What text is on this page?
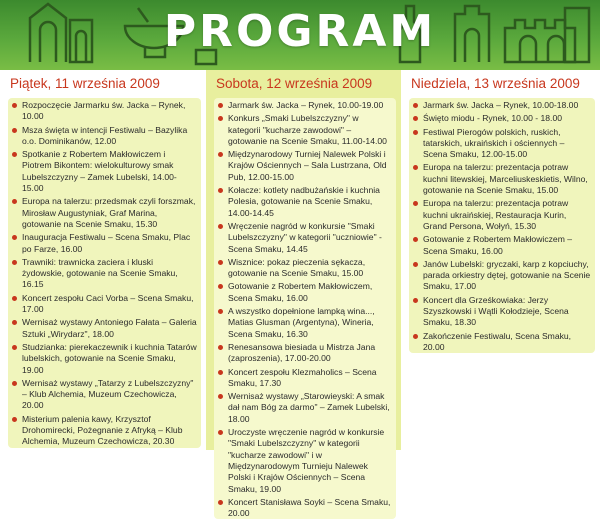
PROGRAM
Piątek, 11 września 2009
Rozpoczęcie Jarmarku św. Jacka – Rynek, 10.00
Msza święta w intencji Festiwalu – Bazylika o.o. Dominikanów, 12.00
Spotkanie z Robertem Makłowiczem i Piotrem Bikontem: wielokulturowy smak Lubelszczyzny – Zamek Lubelski, 14.00-15.00
Europa na talerzu: przedsmak czyli forszmak, Mirosław Augustyniak, Graf Marina, gotowanie na Scenie Smaku, 15.30
Inauguracja Festiwalu – Scena Smaku, Plac po Farze, 16.00
Trawniki: trawnicka zacierа i kluski żydowskie, gotowanie na Scenie Smaku, 16.15
Koncert zespołu Caci Vorba – Scena Smaku, 17.00
Wernisaż wystawy Antoniego Fałata – Galeria Sztuki „Wirydarz", 18.00
Studzianka: pierekaczewnik i kuchnia Tatarów lubelskich, gotowanie na Scenie Smaku, 19.00
Wernisaż wystawy „Tatarzy z Lubelszczyzny" – Klub Alchemia, Muzeum Czechowicza, 20.00
Misterium palenia kawy, Krzysztof Drohomirecki, Pożegnanie z Afryką – Klub Alchemia, Muzeum Czechowicza, 20.30
Sobota, 12 września 2009
Jarmark św. Jacka – Rynek, 10.00-19.00
Konkurs „Smaki Lubelszczyzny" w kategorii "kucharze zawodowi" – gotowanie na Scenie Smaku, 11.00-14.00
Międzynarodowy Turniej Nalewek Polski i Krajów Ościennych – Sala Lustrzana, Old Pub, 12.00-15.00
Kołacze: kotlety nadbużańskie i kuchnia Polesia, gotowanie na Scenie Smaku, 14.00-14.45
Wręczenie nagród w konkursie "Smaki Lubelszczyzny" w kategorii "uczniowie" - Scena Smaku, 14.45
Wisznice: pokaz pieczenia sękacza, gotowanie na Scenie Smaku, 15.00
Gotowanie z Robertem Makłowiczem, Scena Smaku, 16.00
A wszystko dopełnione lampką wina..., Matias Glusman (Argentyna), Wineria, Scena Smaku, 16.30
Renesansowa biesiada u Mistrza Jana (zaproszenia), 17.00-20.00
Koncert zespołu Klezmaholics – Scena Smaku, 17.30
Wernisaż wystawy „Starowieyski: A smak dał nam Bóg za darmo" – Zamek Lubelski, 18.00
Uroczyste wręczenie nagród w konkursie "Smaki Lubelszczyzny" w kategorii "kucharze zawodowi" i w Międzynarodowym Turnieju Nalewek Polski i Krajów Ościennych – Scena Smaku, 19.00
Koncert Stanisława Soyki – Scena Smaku, 20.00
Niedziela, 13 września 2009
Jarmark św. Jacka – Rynek, 10.00-18.00
Święto miodu - Rynek, 10.00 - 18.00
Festiwal Pierogów polskich, ruskich, tatarskich, ukraińskich i ościennych – Scena Smaku, 12.00-15.00
Europa na talerzu: prezentacja potraw kuchni litewskiej, Marceliuskeskietis, Wilno, gotowanie na Scenie Smaku, 15.00
Europa na talerzu: prezentacja potraw kuchni ukraińskiej, Restauracja Kurin, Grand Persona, Wołyń, 15.30
Gotowanie z Robertem Makłowiczem – Scena Smaku, 16.00
Janów Lubelski: gryczaki, karp z kopciuchy, parada orkiestry dętej, gotowanie na Scenie Smaku, 17.00
Koncert dla Grześkowiaka: Jerzy Szyszkowski i Wątli Kołodziejе, Scena Smaku, 18.30
Zakończenie Festiwalu, Scena Smaku, 20.00
